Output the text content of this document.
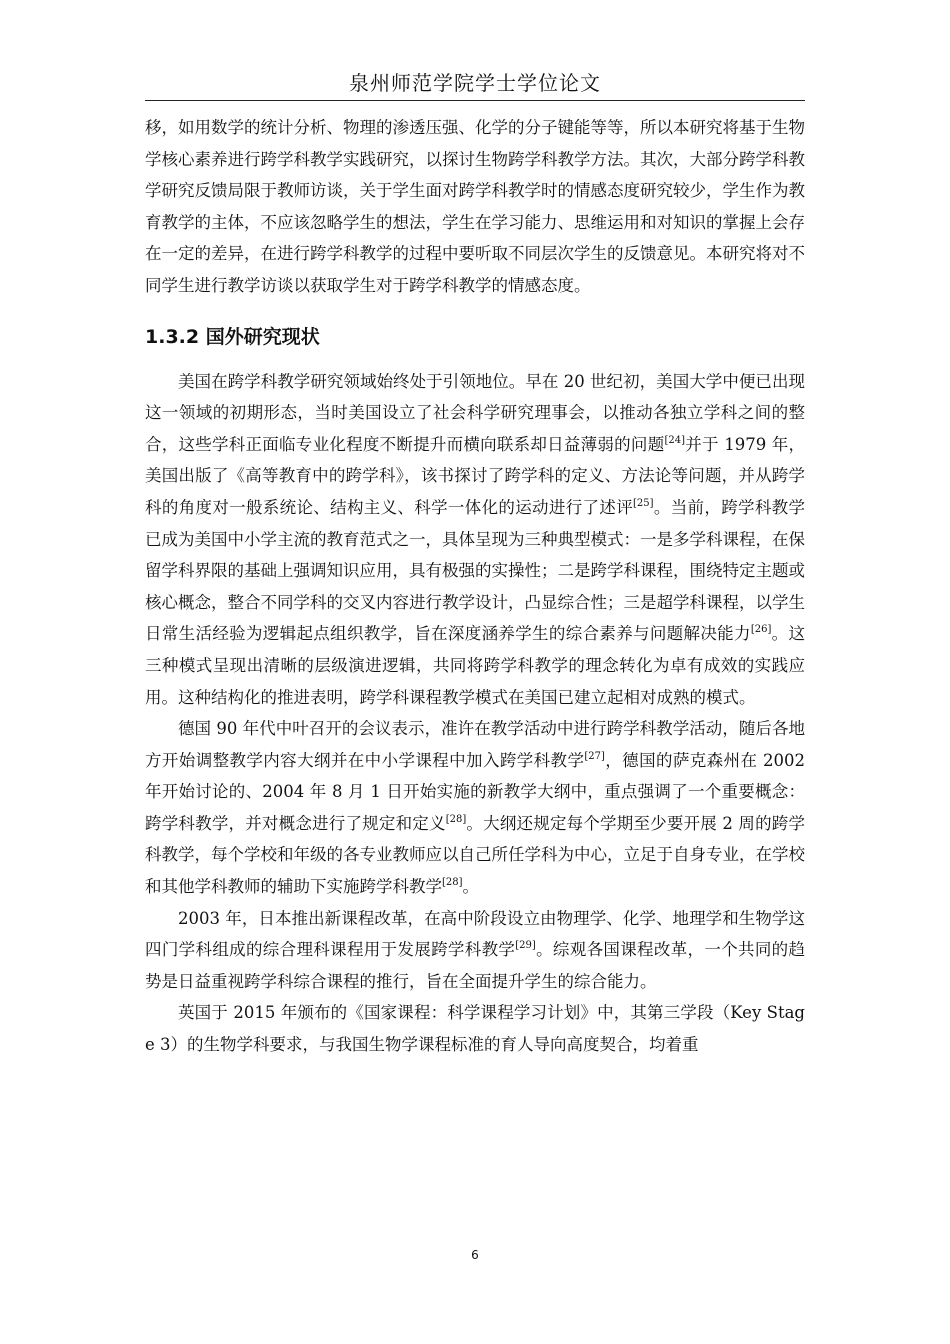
泉州师范学院学士学位论文

移，如用数学的统计分析、物理的渗透压强、化学的分子键能等等，所以本研究将基于生物学核心素养进行跨学科教学实践研究，以探讨生物跨学科教学方法。其次，大部分跨学科教学研究反馈局限于教师访谈，关于学生面对跨学科教学时的情感态度研究较少，学生作为教育教学的主体，不应该忽略学生的想法，学生在学习能力、思维运用和对知识的掌握上会存在一定的差异，在进行跨学科教学的过程中要听取不同层次学生的反馈意见。本研究将对不同学生进行教学访谈以获取学生对于跨学科教学的情感态度。

1.3.2 国外研究现状

美国在跨学科教学研究领域始终处于引领地位。早在 20 世纪初，美国大学中便已出现这一领域的初期形态，当时美国设立了社会科学研究理事会，以推动各独立学科之间的整合，这些学科正面临专业化程度不断提升而横向联系却日益薄弱的问题[24]并于 1979 年，美国出版了《高等教育中的跨学科》，该书探讨了跨学科的定义、方法论等问题，并从跨学科的角度对一般系统论、结构主义、科学一体化的运动进行了述评[25]。当前，跨学科教学已成为美国中小学主流的教育范式之一，具体呈现为三种典型模式：一是多学科课程，在保留学科界限的基础上强调知识应用，具有极强的实操性；二是跨学科课程，围绕特定主题或核心概念，整合不同学科的交叉内容进行教学设计，凸显综合性；三是超学科课程，以学生日常生活经验为逻辑起点组织教学，旨在深度涵养学生的综合素养与问题解决能力[26]。这三种模式呈现出清晰的层级演进逻辑，共同将跨学科教学的理念转化为卓有成效的实践应用。这种结构化的推进表明，跨学科课程教学模式在美国已建立起相对成熟的模式。

德国 90 年代中叶召开的会议表示，准许在教学活动中进行跨学科教学活动，随后各地方开始调整教学内容大纲并在中小学课程中加入跨学科教学[27]，德国的萨克森州在 2002 年开始讨论的、2004 年 8 月 1 日开始实施的新教学大纲中，重点强调了一个重要概念：跨学科教学，并对概念进行了规定和定义[28]。大纲还规定每个学期至少要开展 2 周的跨学科教学，每个学校和年级的各专业教师应以自己所任学科为中心，立足于自身专业，在学校和其他学科教师的辅助下实施跨学科教学[28]。

2003 年，日本推出新课程改革，在高中阶段设立由物理学、化学、地理学和生物学这四门学科组成的综合理科课程用于发展跨学科教学[29]。综观各国课程改革，一个共同的趋势是日益重视跨学科综合课程的推行，旨在全面提升学生的综合能力。

英国于 2015 年颁布的《国家课程：科学课程学习计划》中，其第三学段（Key Stage 3）的生物学科要求，与我国生物学课程标准的育人导向高度契合，均着重

6
